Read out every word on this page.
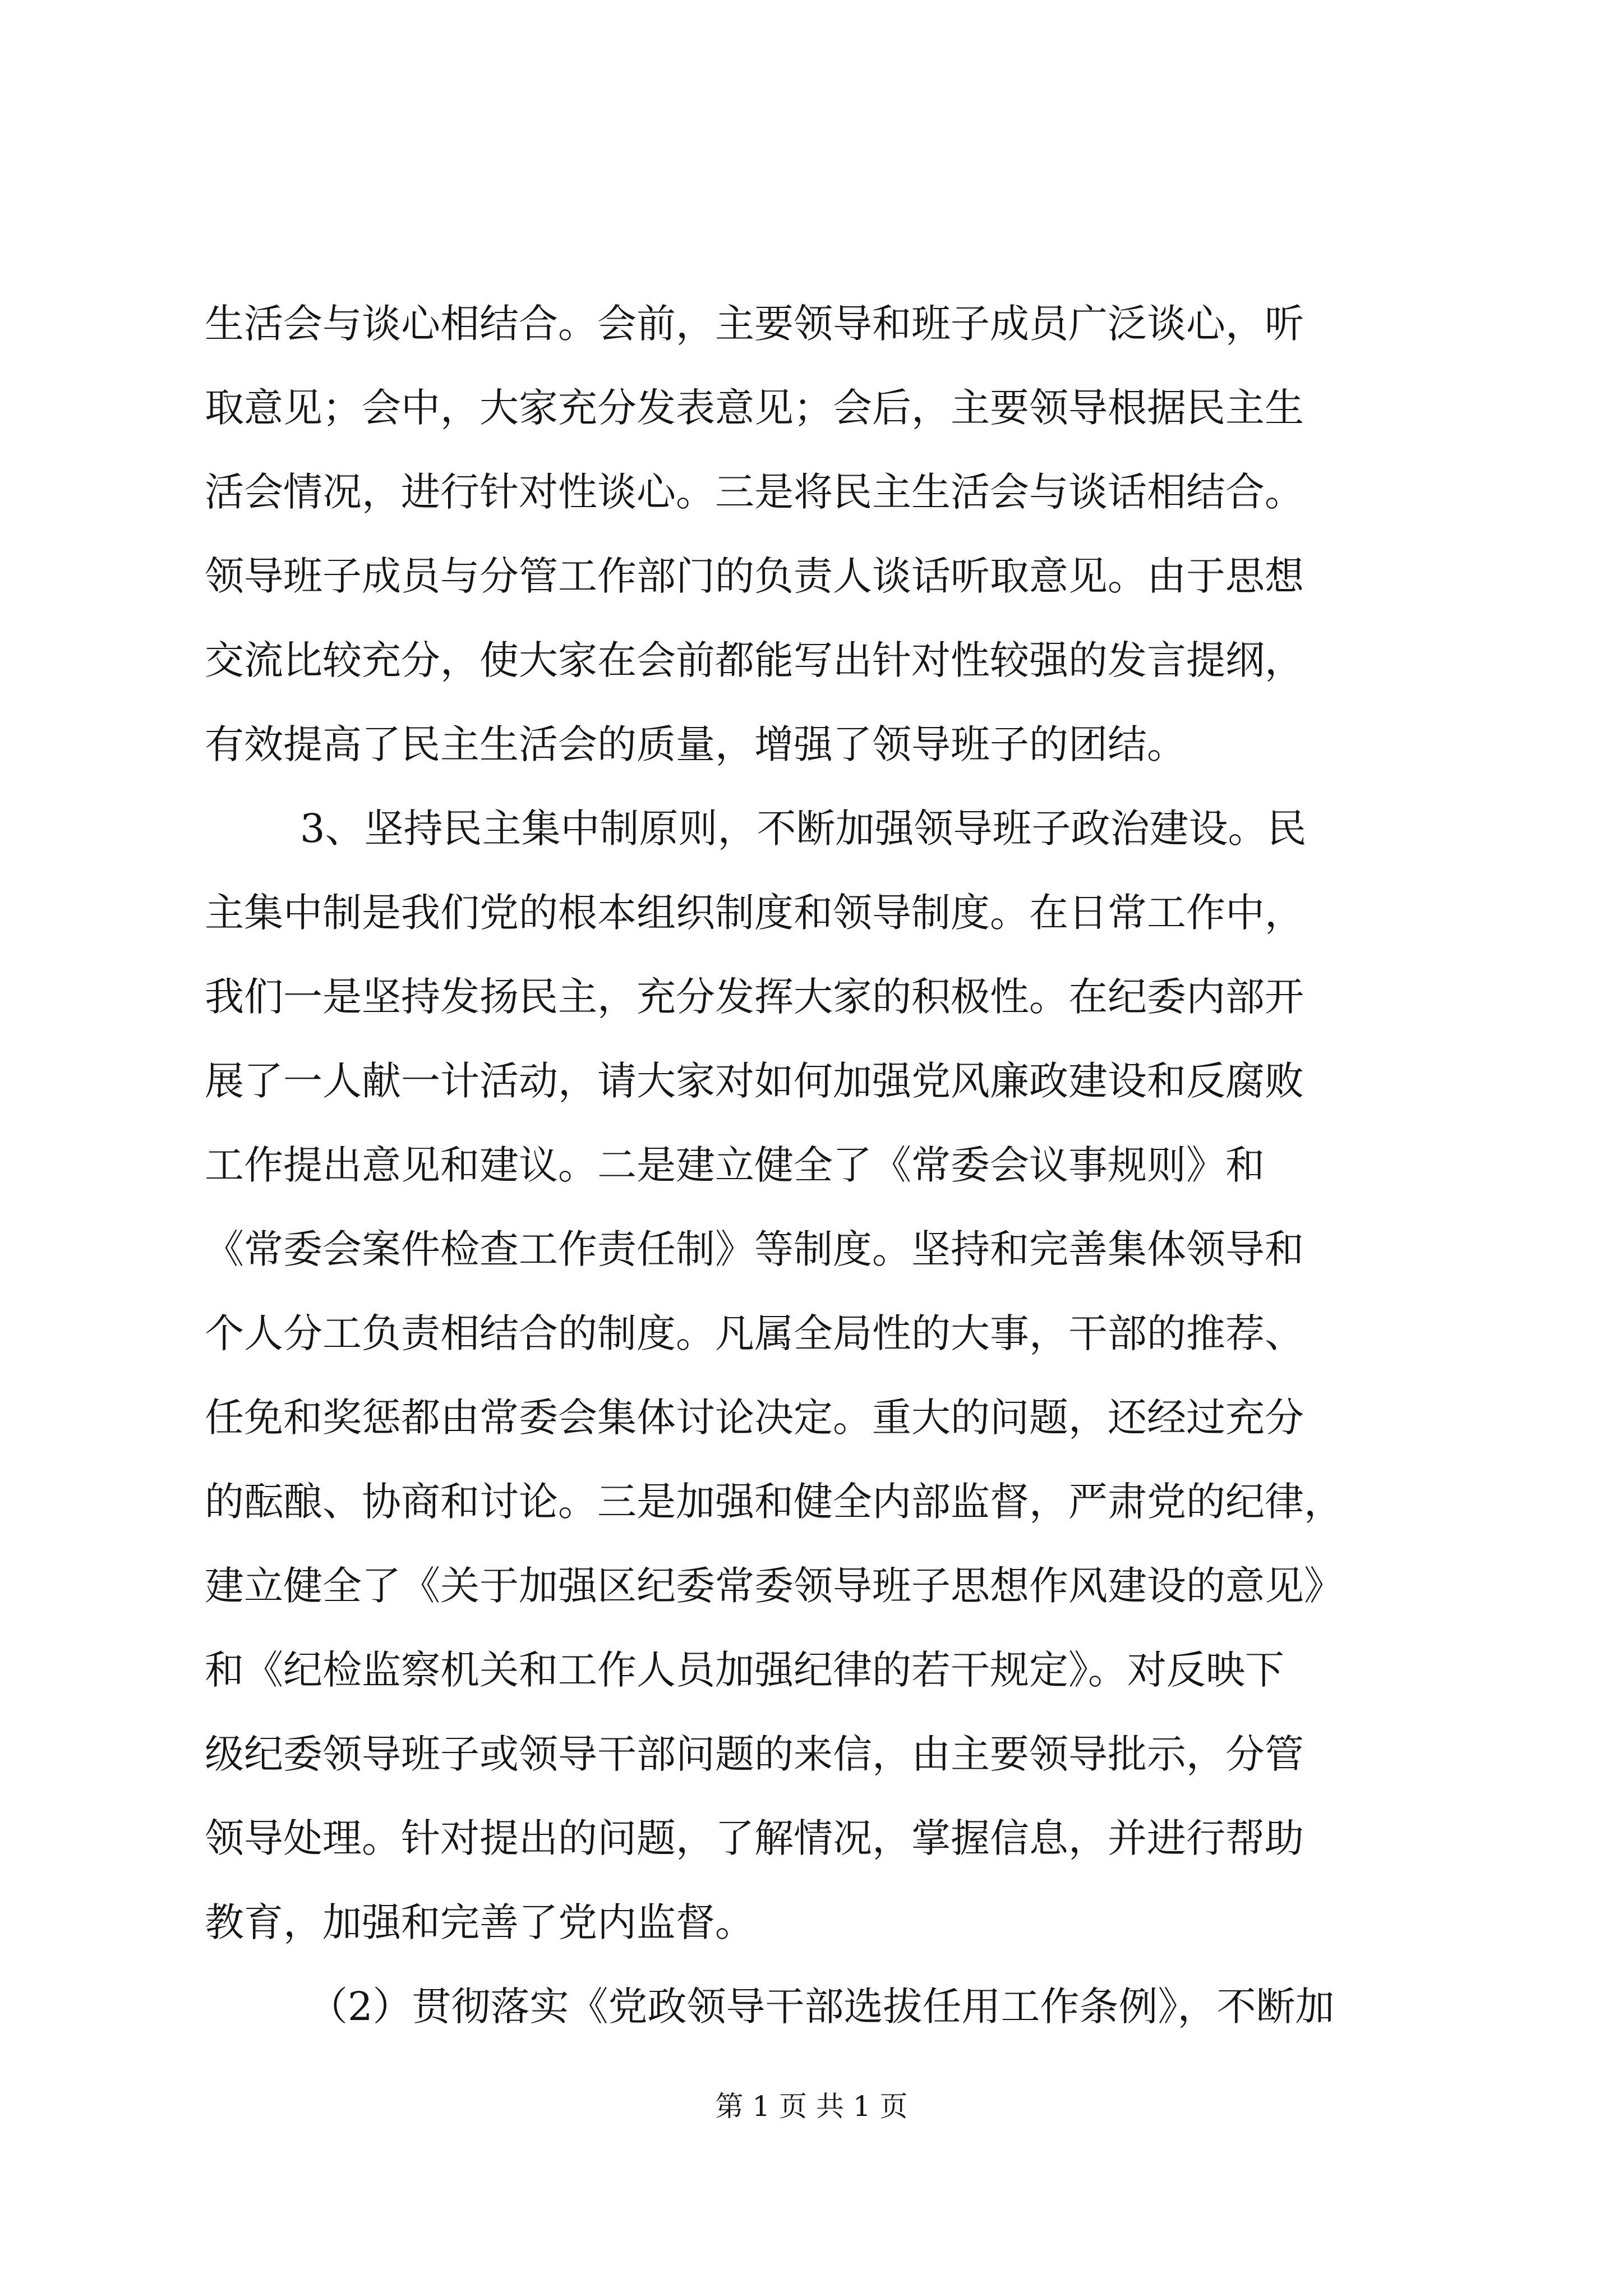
生活会与谈心相结合。会前，主要领导和班子成员广泛谈心，听
取意见；会中，大家充分发表意见；会后，主要领导根据民主生
活会情况，进行针对性谈心。三是将民主生活会与谈话相结合。
领导班子成员与分管工作部门的负责人谈话听取意见。由于思想
交流比较充分，使大家在会前都能写出针对性较强的发言提纲，
有效提高了民主生活会的质量，增强了领导班子的团结。
3、坚持民主集中制原则，不断加强领导班子政治建设。民
主集中制是我们党的根本组织制度和领导制度。在日常工作中，
我们一是坚持发扬民主，充分发挥大家的积极性。在纪委内部开
展了一人献一计活动，请大家对如何加强党风廉政建设和反腐败
工作提出意见和建议。二是建立健全了《常委会议事规则》和
《常委会案件检查工作责任制》等制度。坚持和完善集体领导和
个人分工负责相结合的制度。凡属全局性的大事，干部的推荐、
任免和奖惩都由常委会集体讨论决定。重大的问题，还经过充分
的酝酿、协商和讨论。三是加强和健全内部监督，严肃党的纪律，
建立健全了《关于加强区纪委常委领导班子思想作风建设的意见》
和《纪检监察机关和工作人员加强纪律的若干规定》。对反映下
级纪委领导班子或领导干部问题的来信，由主要领导批示，分管
领导处理。针对提出的问题，了解情况，掌握信息，并进行帮助
教育，加强和完善了党内监督。
（2）贯彻落实《党政领导干部选拔任用工作条例》，不断加
第 1 页 共 1 页
